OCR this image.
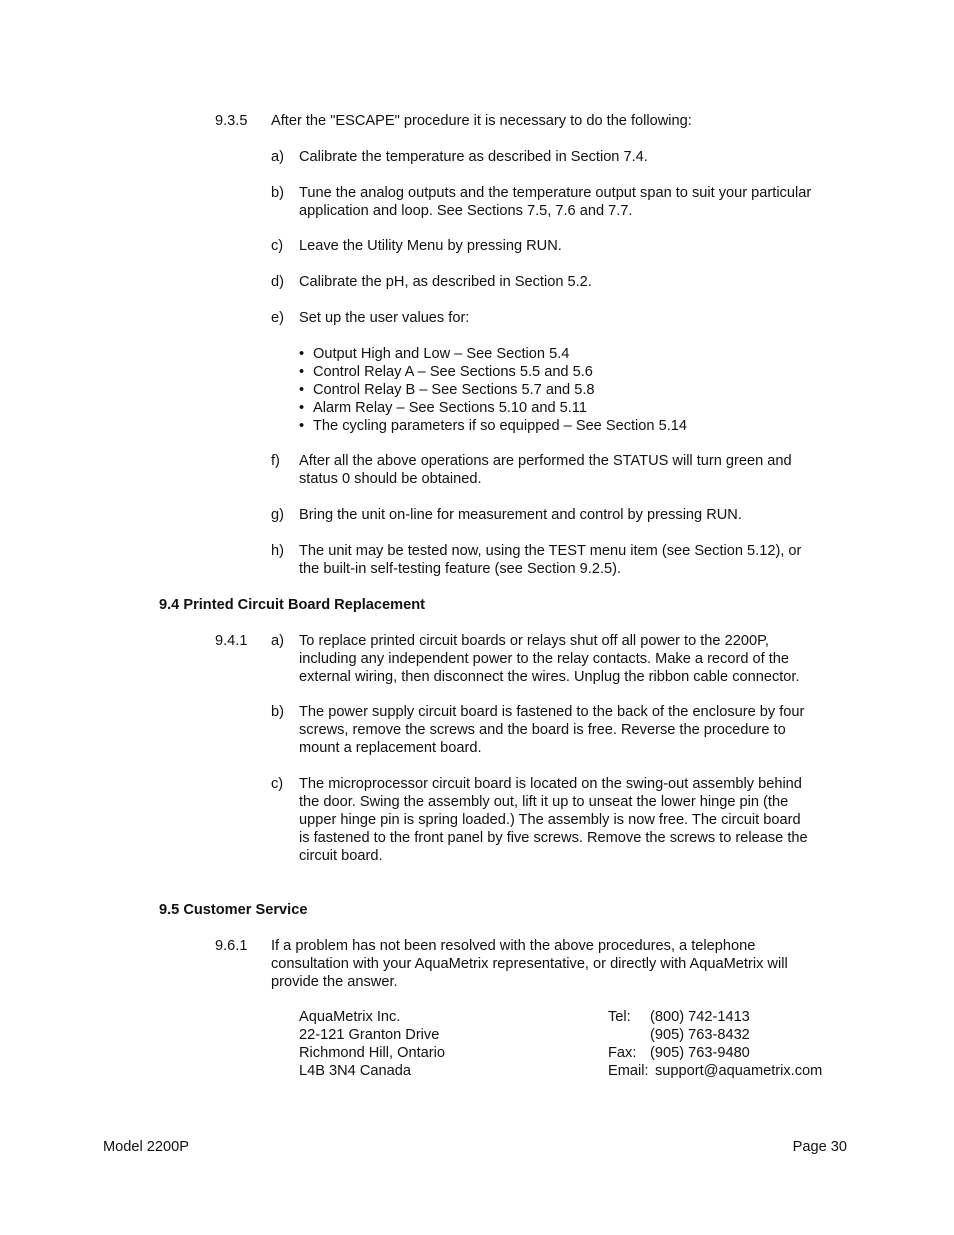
9.3.5 After the "ESCAPE" procedure it is necessary to do the following:
a) Calibrate the temperature as described in Section 7.4.
b) Tune the analog outputs and the temperature output span to suit your particular
application and loop. See Sections 7.5, 7.6 and 7.7.
c) Leave the Utility Menu by pressing RUN.
d) Calibrate the pH, as described in Section 5.2.
e) Set up the user values for:
• Output High and Low – See Section 5.4
• Control Relay A – See Sections 5.5 and 5.6
• Control Relay B – See Sections 5.7 and 5.8
• Alarm Relay – See Sections 5.10 and 5.11
• The cycling parameters if so equipped – See Section 5.14
f) After all the above operations are performed the STATUS will turn green and
status 0 should be obtained.
g) Bring the unit on-line for measurement and control by pressing RUN.
h) The unit may be tested now, using the TEST menu item (see Section 5.12), or
the built-in self-testing feature (see Section 9.2.5).
9.4 Printed Circuit Board Replacement
9.4.1 a) To replace printed circuit boards or relays shut off all power to the 2200P,
including any independent power to the relay contacts. Make a record of the
external wiring, then disconnect the wires. Unplug the ribbon cable connector.
b) The power supply circuit board is fastened to the back of the enclosure by four
screws, remove the screws and the board is free. Reverse the procedure to
mount a replacement board.
c) The microprocessor circuit board is located on the swing-out assembly behind
the door. Swing the assembly out, lift it up to unseat the lower hinge pin (the
upper hinge pin is spring loaded.) The assembly is now free. The circuit board
is fastened to the front panel by five screws. Remove the screws to release the
circuit board.
9.5 Customer Service
9.6.1 If a problem has not been resolved with the above procedures, a telephone
consultation with your AquaMetrix representative, or directly with AquaMetrix will
provide the answer.
AquaMetrix Inc.
22-121 Granton Drive
Richmond Hill, Ontario
L4B 3N4 Canada
Tel: (800) 742-1413
(905) 763-8432
Fax: (905) 763-9480
Email: support@aquametrix.com
Model 2200P	Page 30
